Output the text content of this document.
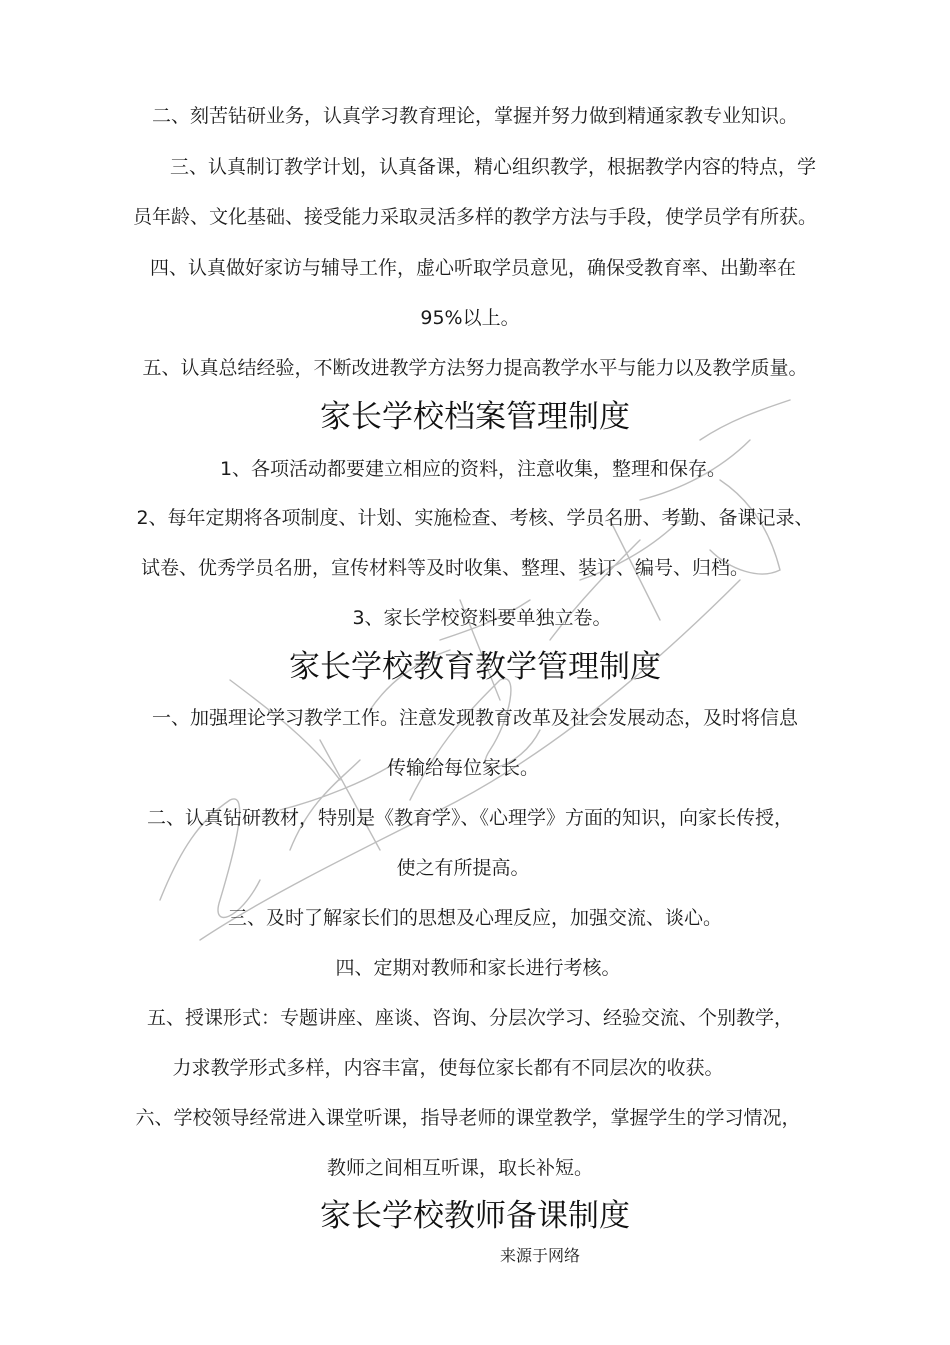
二、刻苦钻研业务，认真学习教育理论，掌握并努力做到精通家教专业知识。
三、认真制订教学计划，认真备课，精心组织教学，根据教学内容的特点，学
员年龄、文化基础、接受能力采取灵活多样的教学方法与手段，使学员学有所获。
四、认真做好家访与辅导工作，虚心听取学员意见，确保受教育率、出勤率在
95%以上。
五、认真总结经验，不断改进教学方法努力提高教学水平与能力以及教学质量。
家长学校档案管理制度
1、各项活动都要建立相应的资料，注意收集，整理和保存。
2、每年定期将各项制度、计划、实施检查、考核、学员名册、考勤、备课记录、
试卷、优秀学员名册，宣传材料等及时收集、整理、装订、编号、归档。
3、家长学校资料要单独立卷。
家长学校教育教学管理制度
一、加强理论学习教学工作。注意发现教育改革及社会发展动态，及时将信息
传输给每位家长。
二、认真钻研教材，特别是《教育学》、《心理学》方面的知识，向家长传授，
使之有所提高。
三、及时了解家长们的思想及心理反应，加强交流、谈心。
四、定期对教师和家长进行考核。
五、授课形式：专题讲座、座谈、咨询、分层次学习、经验交流、个别教学，
力求教学形式多样，内容丰富，使每位家长都有不同层次的收获。
六、学校领导经常进入课堂听课，指导老师的课堂教学，掌握学生的学习情况，
教师之间相互听课，取长补短。
家长学校教师备课制度
来源于网络
